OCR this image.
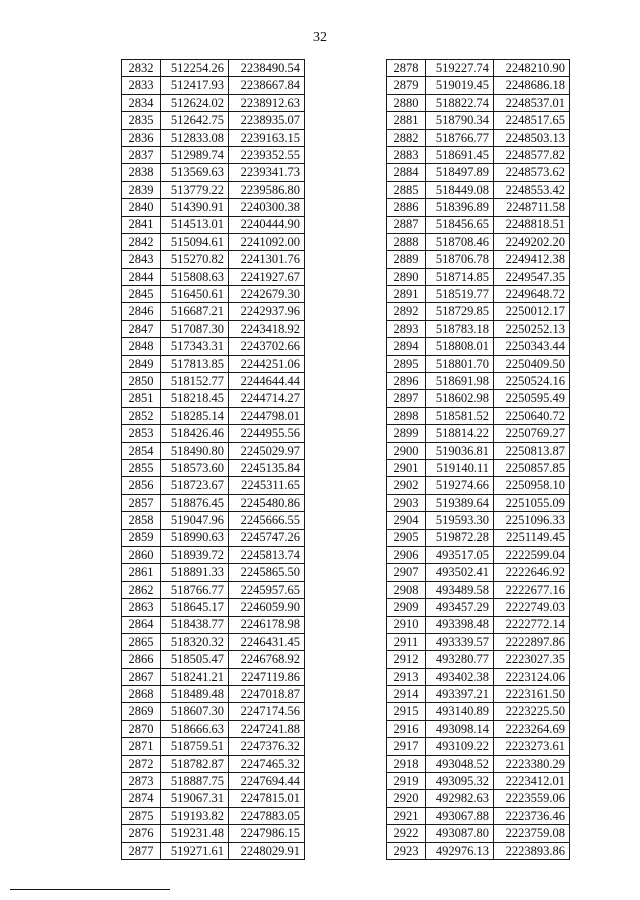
32
2832	512254.26	2238490.54
2833	512417.93	2238667.84
2834	512624.02	2238912.63
2835	512642.75	2238935.07
2836	512833.08	2239163.15
2837	512989.74	2239352.55
2838	513569.63	2239341.73
2839	513779.22	2239586.80
2840	514390.91	2240300.38
2841	514513.01	2240444.90
2842	515094.61	2241092.00
2843	515270.82	2241301.76
2844	515808.63	2241927.67
2845	516450.61	2242679.30
2846	516687.21	2242937.96
2847	517087.30	2243418.92
2848	517343.31	2243702.66
2849	517813.85	2244251.06
2850	518152.77	2244644.44
2851	518218.45	2244714.27
2852	518285.14	2244798.01
2853	518426.46	2244955.56
2854	518490.80	2245029.97
2855	518573.60	2245135.84
2856	518723.67	2245311.65
2857	518876.45	2245480.86
2858	519047.96	2245666.55
2859	518990.63	2245747.26
2860	518939.72	2245813.74
2861	518891.33	2245865.50
2862	518766.77	2245957.65
2863	518645.17	2246059.90
2864	518438.77	2246178.98
2865	518320.32	2246431.45
2866	518505.47	2246768.92
2867	518241.21	2247119.86
2868	518489.48	2247018.87
2869	518607.30	2247174.56
2870	518666.63	2247241.88
2871	518759.51	2247376.32
2872	518782.87	2247465.32
2873	518887.75	2247694.44
2874	519067.31	2247815.01
2875	519193.82	2247883.05
2876	519231.48	2247986.15
2877	519271.61	2248029.91
2878	519227.74	2248210.90
2879	519019.45	2248686.18
2880	518822.74	2248537.01
2881	518790.34	2248517.65
2882	518766.77	2248503.13
2883	518691.45	2248577.82
2884	518497.89	2248573.62
2885	518449.08	2248553.42
2886	518396.89	2248711.58
2887	518456.65	2248818.51
2888	518708.46	2249202.20
2889	518706.78	2249412.38
2890	518714.85	2249547.35
2891	518519.77	2249648.72
2892	518729.85	2250012.17
2893	518783.18	2250252.13
2894	518808.01	2250343.44
2895	518801.70	2250409.50
2896	518691.98	2250524.16
2897	518602.98	2250595.49
2898	518581.52	2250640.72
2899	518814.22	2250769.27
2900	519036.81	2250813.87
2901	519140.11	2250857.85
2902	519274.66	2250958.10
2903	519389.64	2251055.09
2904	519593.30	2251096.33
2905	519872.28	2251149.45
2906	493517.05	2222599.04
2907	493502.41	2222646.92
2908	493489.58	2222677.16
2909	493457.29	2222749.03
2910	493398.48	2222772.14
2911	493339.57	2222897.86
2912	493280.77	2223027.35
2913	493402.38	2223124.06
2914	493397.21	2223161.50
2915	493140.89	2223225.50
2916	493098.14	2223264.69
2917	493109.22	2223273.61
2918	493048.52	2223380.29
2919	493095.32	2223412.01
2920	492982.63	2223559.06
2921	493067.88	2223736.46
2922	493087.80	2223759.08
2923	492976.13	2223893.86
